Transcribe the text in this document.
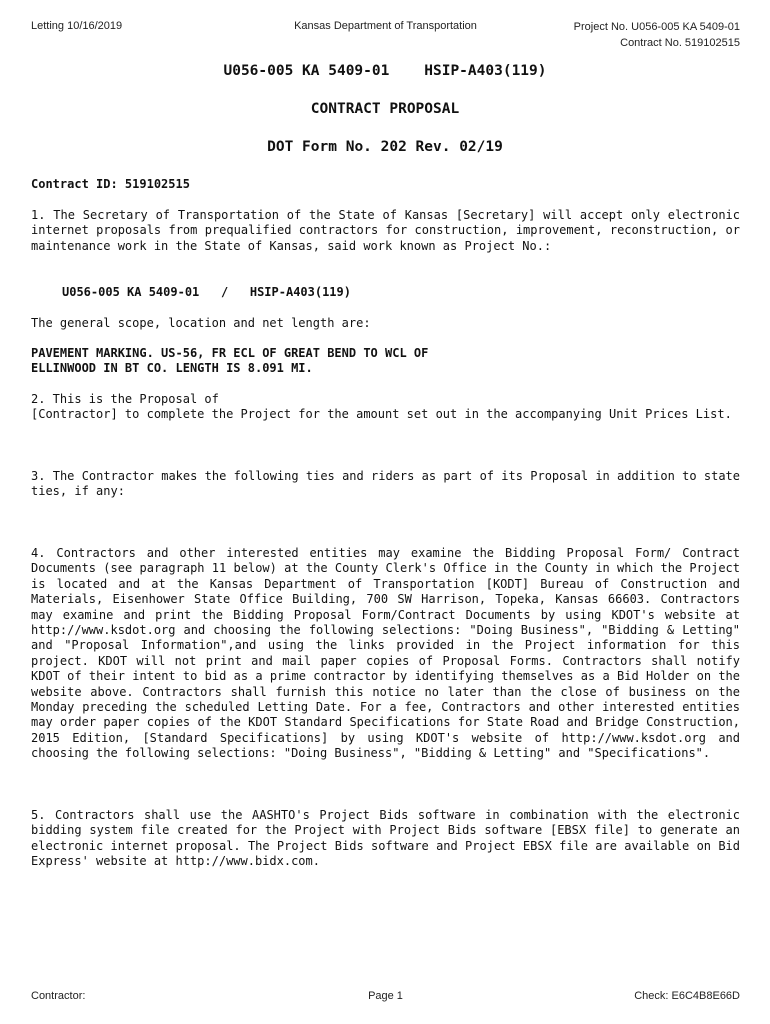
Letting 10/16/2019	Kansas Department of Transportation	Project No. U056-005 KA 5409-01
Contract No. 519102515
U056-005 KA 5409-01    HSIP-A403(119)
CONTRACT PROPOSAL
DOT Form No. 202 Rev. 02/19
Contract ID: 519102515
1. The Secretary of Transportation of the State of Kansas [Secretary] will accept only electronic internet proposals from prequalified contractors for construction, improvement, reconstruction, or maintenance work in the State of Kansas, said work known as Project No.:
U056-005 KA 5409-01   /   HSIP-A403(119)
The general scope, location and net length are:
PAVEMENT MARKING. US-56, FR ECL OF GREAT BEND TO WCL OF
ELLINWOOD IN BT CO. LENGTH IS 8.091 MI.
2. This is the Proposal of
[Contractor] to complete the Project for the amount set out in the accompanying Unit Prices List.
3. The Contractor makes the following ties and riders as part of its Proposal in addition to state ties, if any:
4. Contractors and other interested entities may examine the Bidding Proposal Form/ Contract Documents (see paragraph 11 below) at the County Clerk's Office in the County in which the Project is located and at the Kansas Department of Transportation [KODT] Bureau of Construction and Materials, Eisenhower State Office Building, 700 SW Harrison, Topeka, Kansas 66603. Contractors may examine and print the Bidding Proposal Form/Contract Documents by using KDOT's website at http://www.ksdot.org and choosing the following selections: "Doing Business", "Bidding & Letting" and "Proposal Information",and using the links provided in the Project information for this project. KDOT will not print and mail paper copies of Proposal Forms. Contractors shall notify KDOT of their intent to bid as a prime contractor by identifying themselves as a Bid Holder on the website above. Contractors shall furnish this notice no later than the close of business on the Monday preceding the scheduled Letting Date. For a fee, Contractors and other interested entities may order paper copies of the KDOT Standard Specifications for State Road and Bridge Construction, 2015 Edition, [Standard Specifications] by using KDOT's website of http://www.ksdot.org and choosing the following selections: "Doing Business", "Bidding & Letting" and "Specifications".
5. Contractors shall use the AASHTO's Project Bids software in combination with the electronic bidding system file created for the Project with Project Bids software [EBSX file] to generate an electronic internet proposal. The Project Bids software and Project EBSX file are available on Bid Express' website at http://www.bidx.com.
Contractor:	Page 1	Check: E6C4B8E66D
